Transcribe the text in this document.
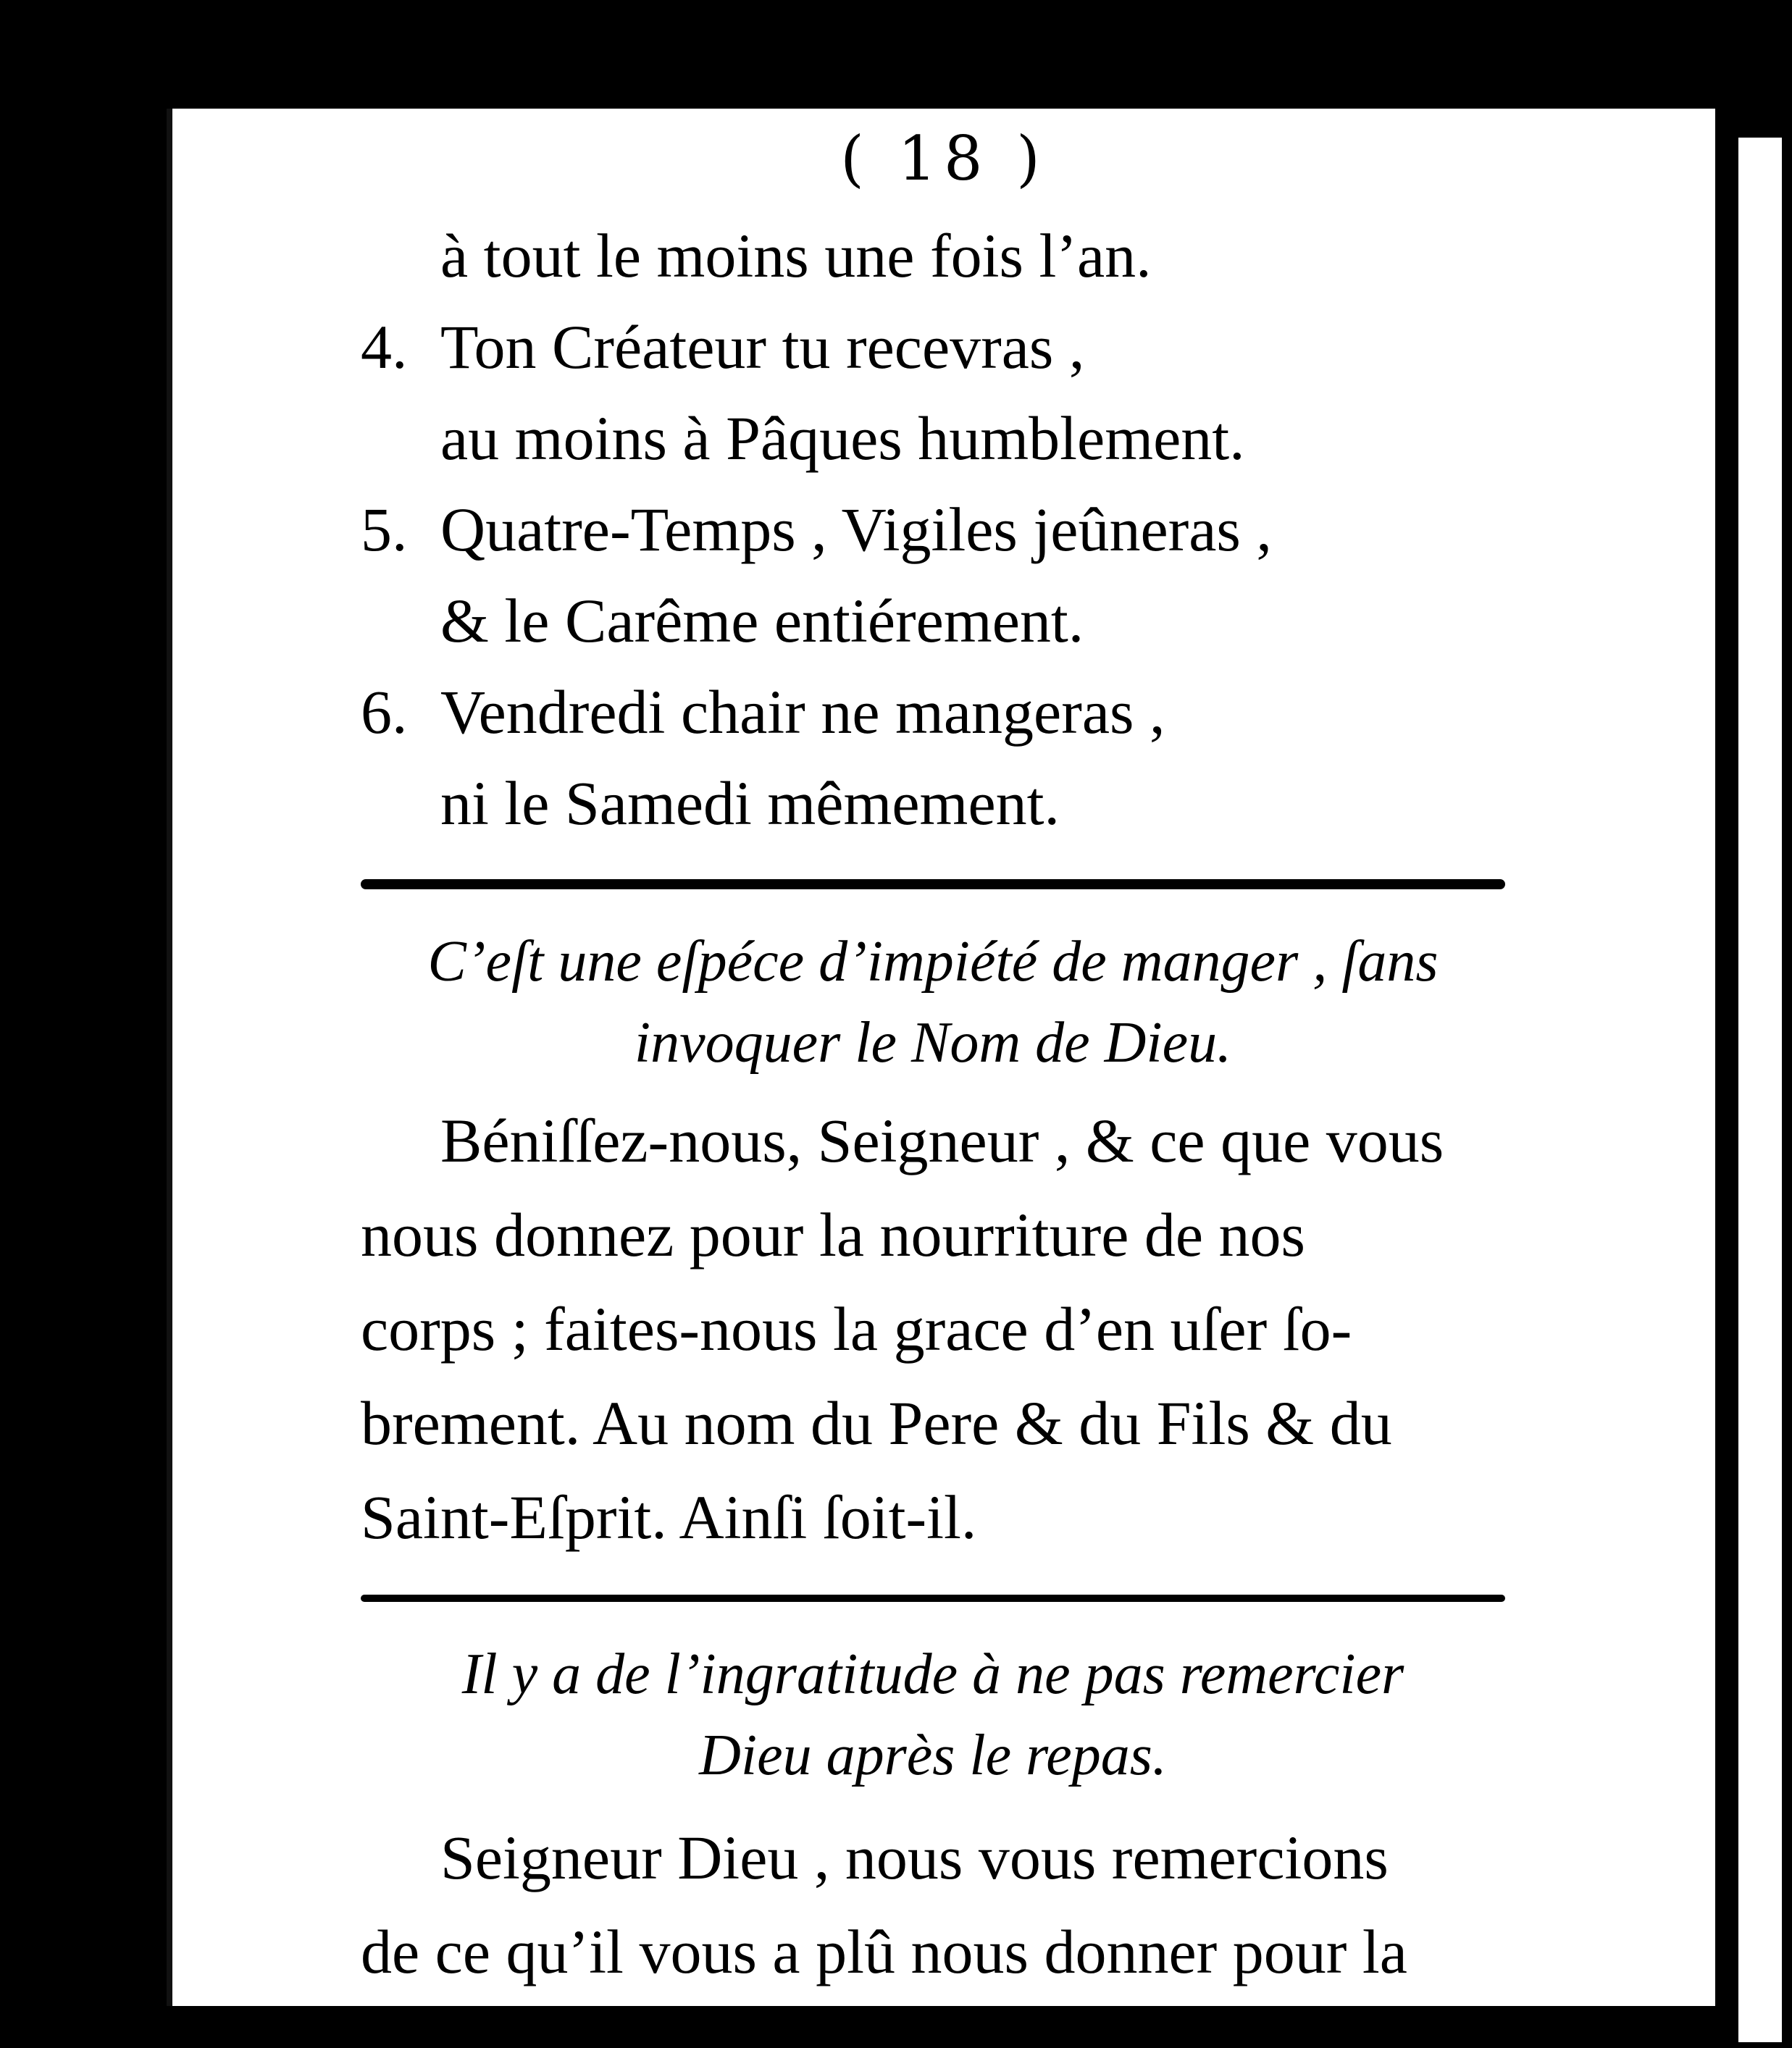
( 18 )
à tout le moins une fois l’an.
4. Ton Créateur tu recevras ,
au moins à Pâques humblement.
5. Quatre-Temps , Vigiles jeûneras ,
& le Carême entiérement.
6. Vendredi chair ne mangeras ,
ni le Samedi mêmement.
C’eſt une eſpéce d’impiété de manger , ſans
invoquer le Nom de Dieu.
Béniſſez-nous, Seigneur , & ce que vous
nous donnez pour la nourriture de nos
corps ; faites-nous la grace d’en uſer ſo-
brement. Au nom du Pere & du Fils & du
Saint-Eſprit. Ainſi ſoit-il.
Il y a de l’ingratitude à ne pas remercier
Dieu après le repas.
Seigneur Dieu , nous vous remercions
de ce qu’il vous a plû nous donner pour la
